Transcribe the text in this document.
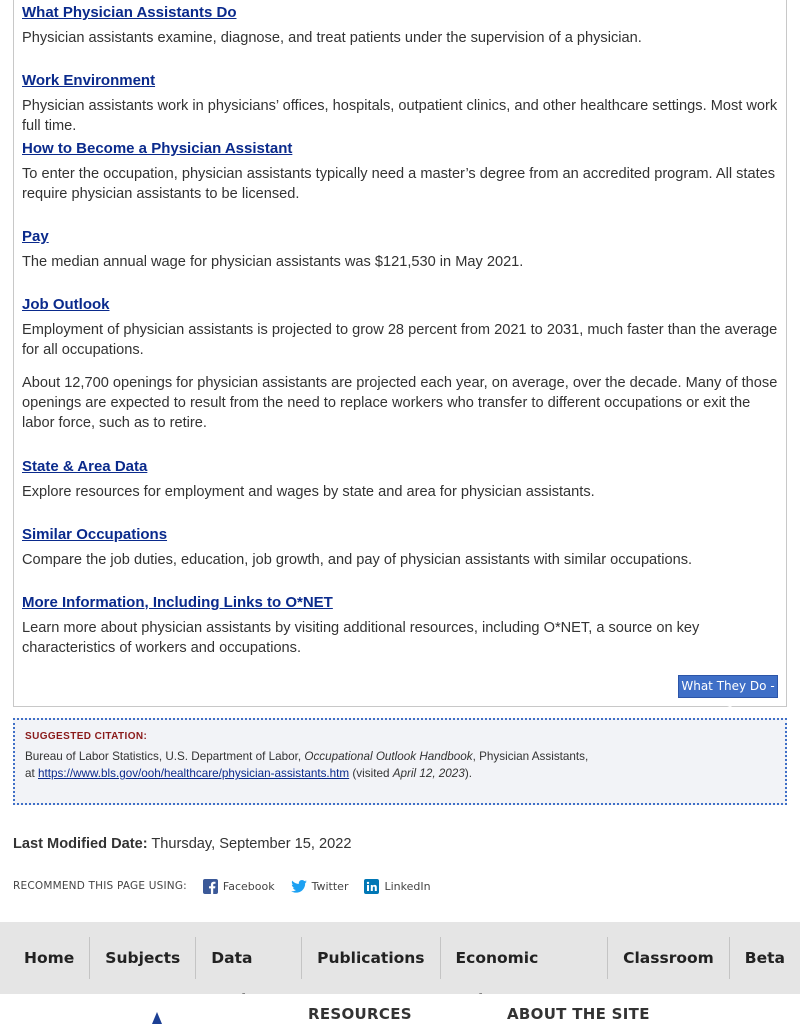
What Physician Assistants Do

Physician assistants examine, diagnose, and treat patients under the supervision of a physician.

Work Environment

Physician assistants work in physicians’ offices, hospitals, outpatient clinics, and other healthcare settings. Most work full time.

How to Become a Physician Assistant

To enter the occupation, physician assistants typically need a master’s degree from an accredited program. All states require physician assistants to be licensed.

Pay

The median annual wage for physician assistants was $121,530 in May 2021.

Job Outlook

Employment of physician assistants is projected to grow 28 percent from 2021 to 2031, much faster than the average for all occupations.

About 12,700 openings for physician assistants are projected each year, on average, over the decade. Many of those openings are expected to result from the need to replace workers who transfer to different occupations or exit the labor force, such as to retire.

State & Area Data

Explore resources for employment and wages by state and area for physician assistants.

Similar Occupations

Compare the job duties, education, job growth, and pay of physician assistants with similar occupations.

More Information, Including Links to O*NET

Learn more about physician assistants by visiting additional resources, including O*NET, a source on key characteristics of workers and occupations.

What They Do ->
SUGGESTED CITATION:
Bureau of Labor Statistics, U.S. Department of Labor, Occupational Outlook Handbook, Physician Assistants,
at https://www.bls.gov/ooh/healthcare/physician-assistants.htm (visited April 12, 2023).
Last Modified Date: Thursday, September 15, 2022
RECOMMEND THIS PAGE USING:	Facebook	Twitter	LinkedIn
Home	Subjects	Data	Publications	Economic	Classroom	Beta
RESOURCES	ABOUT THE SITE
